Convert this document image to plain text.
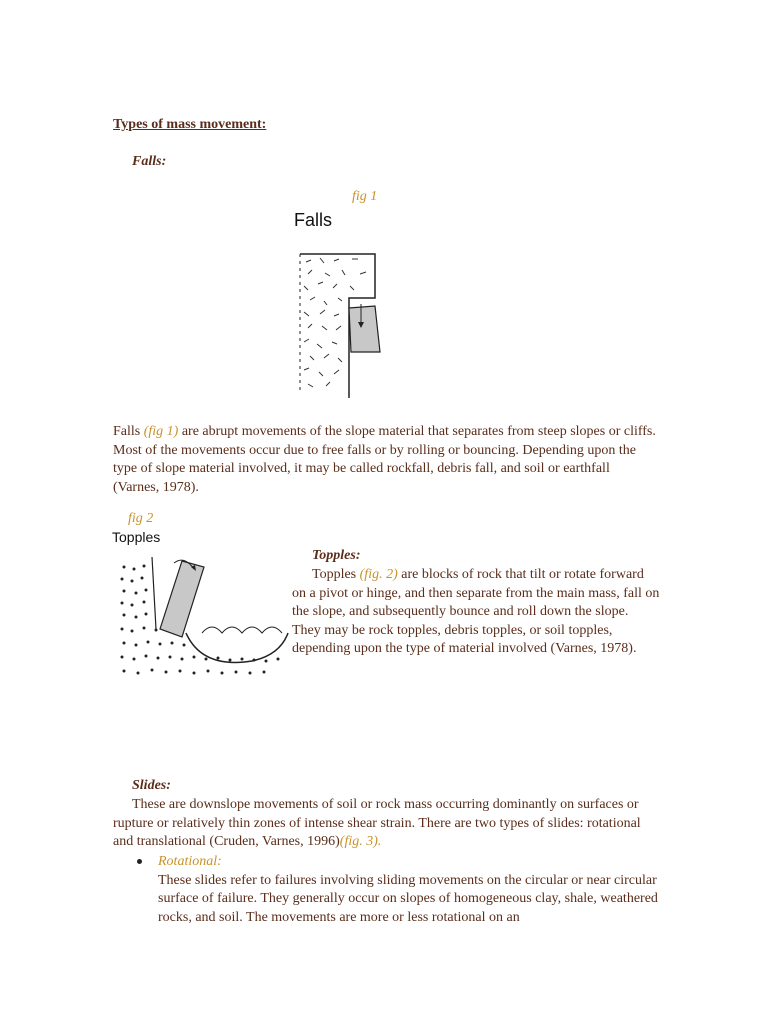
Types of mass movement:
Falls:
fig 1
Falls
Falls (fig 1) are abrupt movements of the slope material that separates from steep slopes or cliffs. Most of the movements occur due to free falls or by rolling or bouncing. Depending upon the type of slope material involved, it may be called rockfall, debris fall, and soil or earthfall (Varnes, 1978).
fig 2
Topples
Topples:
Topples (fig. 2) are blocks of rock that tilt or rotate forward on a pivot or hinge, and then separate from the main mass, fall on the slope, and subsequently bounce and roll down the slope. They may be rock topples, debris topples, or soil topples, depending upon the type of material involved (Varnes, 1978).
Slides:
These are downslope movements of soil or rock mass occurring dominantly on surfaces or rupture or relatively thin zones of intense shear strain. There are two types of slides: rotational and translational (Cruden, Varnes, 1996)(fig. 3).
Rotational:
These slides refer to failures involving sliding movements on the circular or near circular surface of failure. They generally occur on slopes of homogeneous clay, shale, weathered rocks, and soil. The movements are more or less rotational on an
